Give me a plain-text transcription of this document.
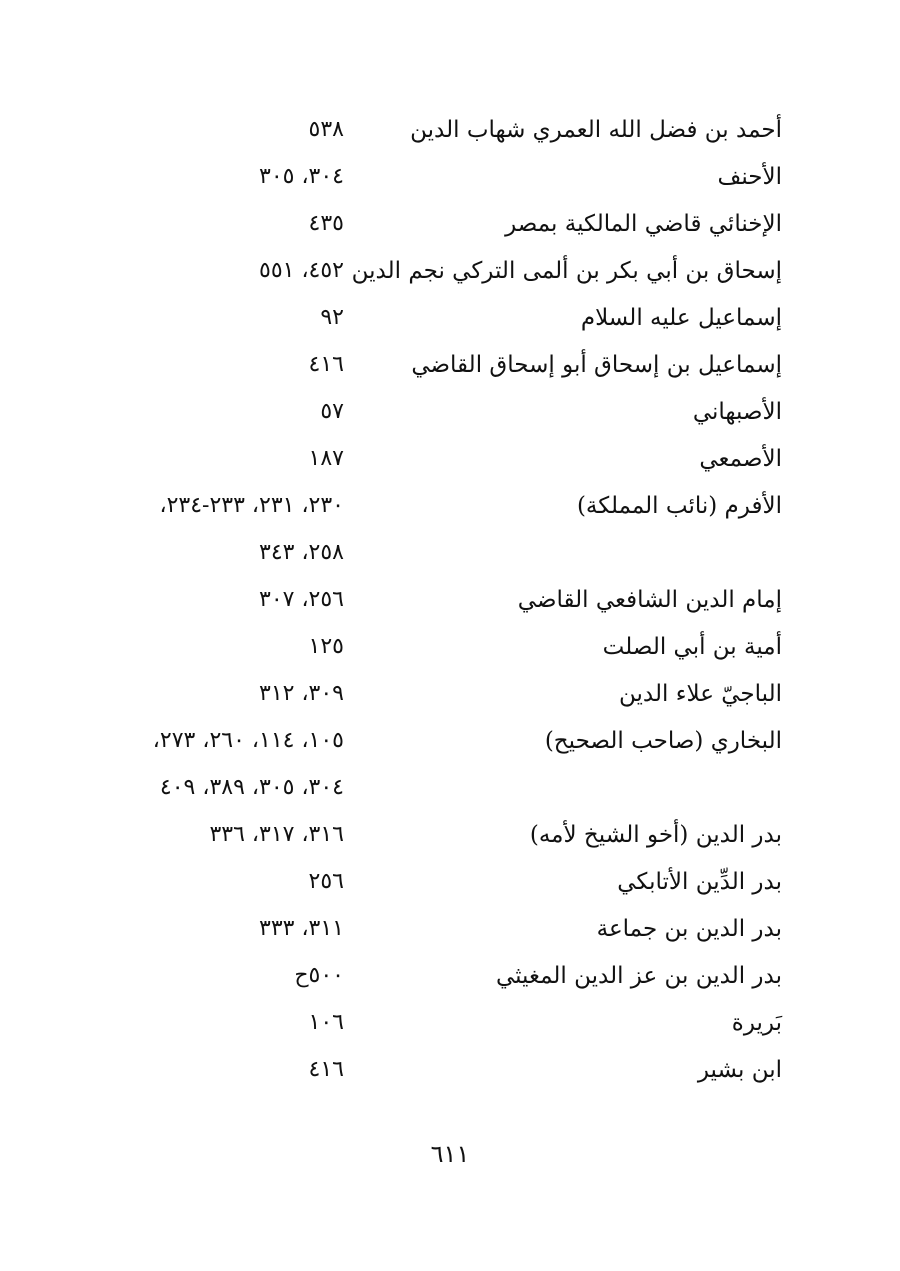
أحمد بن فضل الله العمري شهاب الدين
٥٣٨
الأحنف
٣٠٤، ٣٠٥
الإخنائي قاضي المالكية بمصر
٤٣٥
إسحاق بن أبي بكر بن ألمى التركي نجم الدين
٤٥٢، ٥٥١
إسماعيل عليه السلام
٩٢
إسماعيل بن إسحاق أبو إسحاق القاضي
٤١٦
الأصبهاني
٥٧
الأصمعي
١٨٧
الأفرم (نائب المملكة)
٢٣٠، ٢٣١، ٢٣٣-٢٣٤،
٢٥٨، ٣٤٣
إمام الدين الشافعي القاضي
٢٥٦، ٣٠٧
أمية بن أبي الصلت
١٢٥
الباجيّ علاء الدين
٣٠٩، ٣١٢
البخاري (صاحب الصحيح)
١٠٥، ١١٤، ٢٦٠، ٢٧٣،
٣٠٤، ٣٠٥، ٣٨٩، ٤٠٩
بدر الدين (أخو الشيخ لأمه)
٣١٦، ٣١٧، ٣٣٦
بدر الدِّين الأتابكي
٢٥٦
بدر الدين بن جماعة
٣١١، ٣٣٣
بدر الدين بن عز الدين المغيثي
٥٠٠ح
بَريرة
١٠٦
ابن بشير
٤١٦
٦١١
